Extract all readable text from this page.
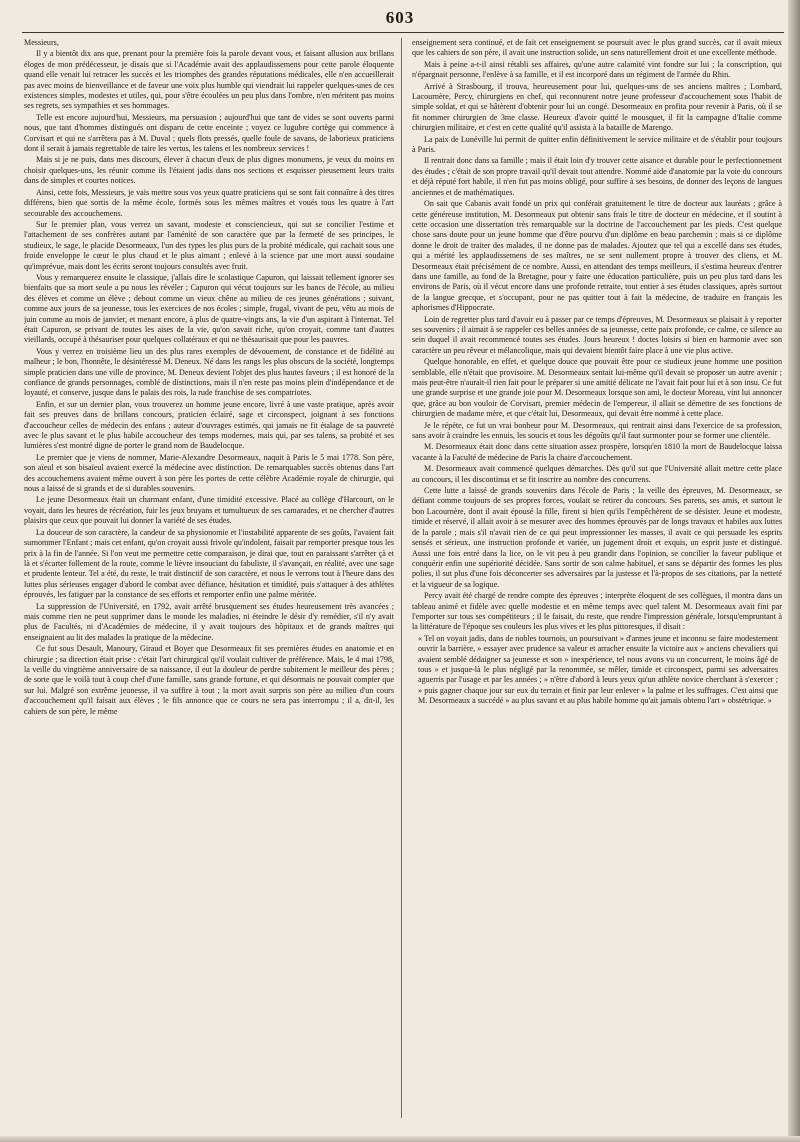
603

Messieurs,

Il y a bientôt dix ans que, prenant pour la première fois la parole devant vous, et faisant allusion aux brillans éloges de mon prédécesseur, je disais que si l'Académie avait des applaudissemens pour cette parole éloquente quand elle venait lui retracer les succès et les triomphes des grandes réputations médicales, elle n'en accueillerait pas avec moins de bienveillance et de faveur une voix plus humble qui viendrait lui rappeler quelques-unes de ces existences simples, modestes et utiles, qui, pour s'être écoulées un peu plus dans l'ombre, n'en méritent pas moins ses regrets, ses sympathies et ses hommages.

Telle est encore aujourd'hui, Messieurs, ma persuasion ; aujourd'hui que tant de vides se sont ouverts parmi nous, que tant d'hommes distingués ont disparu de cette enceinte ; voyez ce lugubre cortège qui commence à Corvisart et qui ne s'arrêtera pas à M. Duval ; quels flots pressés, quelle foule de savans, de laborieux praticiens dont il serait à jamais regrettable de taire les vertus, les talens et les nombreux services !

Mais si je ne puis, dans mes discours, élever à chacun d'eux de plus dignes monumens, je veux du moins en choisir quelques-uns, les réunir comme ils l'étaient jadis dans nos sections et esquisser pieusement leurs traits dans de simples et courtes notices.

Ainsi, cette fois, Messieurs, je vais mettre sous vos yeux quatre praticiens qui se sont fait connaître à des titres différens, bien que sortis de la même école, formés sous les mêmes maîtres et voués tous les quatre à l'art secourable des accouchemens.

Sur le premier plan, vous verrez un savant, modeste et consciencieux, qui sut se concilier l'estime et l'attachement de ses confrères autant par l'aménité de son caractère que par la fermeté de ses principes, le studieux, le sage, le placide Desormeaux, l'un des types les plus purs de la probité médicale, qui cachait sous une froide enveloppe le cœur le plus chaud et le plus aimant ; enlevé à la science par une mort aussi soudaine qu'imprévue, mais dont les écrits seront toujours consultés avec fruit.

Vous y remarquerez ensuite le classique, j'allais dire le scolastique Capuron, qui laissait tellement ignorer ses bienfaits que sa mort seule a pu nous les révéler ; Capuron qui vécut toujours sur les bancs de l'école, au milieu des élèves et comme un élève ; debout comme un vieux chêne au milieu de ces jeunes générations ; suivant, comme aux jours de sa jeunesse, tous les exercices de nos écoles ; simple, frugal, vivant de peu, vêtu au mois de juin comme au mois de janvier, et menant encore, à plus de quatre-vingts ans, la vie d'un aspirant à l'internat. Tel était Capuron, se privant de toutes les aises de la vie, qu'on savait riche, qu'on croyait, comme tant d'autres vieillards, occupé à thésauriser pour quelques collatéraux et qui ne thésaurisait que pour les pauvres.

Vous y verrez en troisième lieu un des plus rares exemples de dévouement, de constance et de fidélité au malheur ; le bon, l'honnête, le désintéressé M. Deneux. Né dans les rangs les plus obscurs de la société, longtemps simple praticien dans une ville de province, M. Deneux devient l'objet des plus hautes faveurs ; il est honoré de la confiance de grands personnages, comblé de distinctions, mais il n'en reste pas moins plein d'indépendance et de loyauté, et conserve, jusque dans le palais des rois, la rude franchise de ses compatriotes.

Enfin, et sur un dernier plan, vous trouverez un homme jeune encore, livré à une vaste pratique, après avoir fait ses preuves dans de brillans concours, praticien éclairé, sage et circonspect, joignant à ses fonctions d'accoucheur celles de médecin des enfans ; auteur d'ouvrages estimés, qui jamais ne fit étalage de sa pauvreté avec le plus savant et le plus habile accoucheur des temps modernes, mais qui, par ses talens, sa probité et ses lumières s'est montré digne de porter le grand nom de Baudelocque.

Le premier que je viens de nommer, Marie-Alexandre Desormeaux, naquit à Paris le 5 mai 1778. Son père, son aïeul et son bisaïeul avaient exercé la médecine avec distinction. De remarquables succès obtenus dans l'art des accouchemens avaient même ouvert à son père les portes de cette célèbre Académie royale de chirurgie, qui nous a laissé de si grands et de si durables souvenirs.

Le jeune Desormeaux était un charmant enfant, d'une timidité excessive. Placé au collège d'Harcourt, on le voyait, dans les heures de récréation, fuir les jeux bruyans et tumultueux de ses camarades, et ne chercher d'autres plaisirs que ceux que pouvait lui donner la variété de ses études.

La douceur de son caractère, la candeur de sa physionomie et l'instabilité apparente de ses goûts, l'avaient fait surnommer l'Enfant ; mais cet enfant, qu'on croyait aussi frivole qu'indolent, faisait par remporter presque tous les prix à la fin de l'année. Si l'on veut me permettre cette comparaison, je dirai que, tout en paraissant s'arrêter çà et là et s'écarter follement de la route, comme le lièvre insouciant du fabuliste, il s'avançait, en réalité, avec une sage et prudente lenteur. Tel a été, du reste, le trait distinctif de son caractère, et nous le verrons tout à l'heure dans des luttes plus sérieuses engager d'abord le combat avec défiance, hésitation et timidité, puis s'attaquer à des athlètes éprouvés, les fatiguer par la constance de ses efforts et remporter enfin une palme méritée.

La suppression de l'Université, en 1792, avait arrêté brusquement ses études heureusement très avancées ; mais comme rien ne peut supprimer dans le monde les maladies, ni éteindre le désir d'y remédier, s'il n'y avait plus de Facultés, ni d'Académies de médecine, il y avait toujours des hôpitaux et de grands maîtres qui enseignaient au lit des malades la pratique de la médecine.

Ce fut sous Desault, Manoury, Giraud et Boyer que Desormeaux fit ses premières études en anatomie et en chirurgie ; sa direction était prise : c'était l'art chirurgical qu'il voulait cultiver de préférence. Mais, le 4 mai 1798, la veille du vingtième anniversaire de sa naissance, il eut la douleur de perdre subitement le meilleur des pères ; de sorte que le voilà tout à coup chef d'une famille, sans grande fortune, et qui désormais ne pouvait compter que sur lui. Malgré son extrême jeunesse, il va suffire à tout ; la mort avait surpris son père au milieu d'un cours d'accouchement qu'il faisait aux élèves ; le fils annonce que ce cours ne sera pas interrompu ; il a, dit-il, les cahiers de son père, le même

enseignement sera continué, et de fait cet enseignement se poursuit avec le plus grand succès, car il avait mieux que les cahiers de son père, il avait une instruction solide, un sens naturellement droit et une excellente méthode.

Mais à peine a-t-il ainsi rétabli ses affaires, qu'une autre calamité vint fondre sur lui ; la conscription, qui n'épargnait personne, l'enlève à sa famille, et il est incorporé dans un régiment de l'armée du Rhin.

Arrivé à Strasbourg, il trouva, heureusement pour lui, quelques-uns de ses anciens maîtres ; Lombard, Lacournère, Percy, chirurgiens en chef, qui reconnurent notre jeune professeur d'accouchement sous l'habit de simple soldat, et qui se hâtèrent d'obtenir pour lui un congé. Desormeaux en profita pour revenir à Paris, où il se fit nommer chirurgien de 3me classe. Heureux d'avoir quitté le mousquet, il fit la campagne d'Italie comme chirurgien militaire, et c'est en cette qualité qu'il assista à la bataille de Marengo.

La paix de Lunéville lui permit de quitter enfin définitivement le service militaire et de s'établir pour toujours à Paris.

Il rentrait donc dans sa famille ; mais il était loin d'y trouver cette aisance et durable pour le perfectionnement des études ; c'était de son propre travail qu'il devait tout attendre. Nommé aide d'anatomie par la voie du concours et déjà réputé fort habile, il n'en fut pas moins obligé, pour suffire à ses besoins, de donner des leçons de langues anciennes et de mathématiques.

On sait que Cabanis avait fondé un prix qui conférait gratuitement le titre de docteur aux lauréats ; grâce à cette généreuse institution, M. Desormeaux put obtenir sans frais le titre de docteur en médecine, et il soutint à cette occasion une dissertation très remarquable sur la doctrine de l'accouchement par les pieds. C'est quelque chose sans doute pour un jeune homme que d'être pourvu d'un diplôme en beau parchemin ; mais si ce diplôme donne le droit de traiter des malades, il ne donne pas de malades. Ajoutez que tel qui a excellé dans ses études, qui a mérité les applaudissemens de ses maîtres, ne se sent nullement propre à trouver des cliens, et M. Desormeaux était précisément de ce nombre. Aussi, en attendant des temps meilleurs, il s'estima heureux d'entrer dans une famille, au fond de la Bretagne, pour y faire une éducation particulière, puis un peu plus tard dans les environs de Paris, où il vécut encore dans une profonde retraite, tout entier à ses études classiques, après surtout de la langue grecque, et s'occupant, pour ne pas quitter tout à fait la médecine, de traduire en français les aphorismes d'Hippocrate.

Loin de regretter plus tard d'avoir eu à passer par ce temps d'épreuves, M. Desormeaux se plaisait à y reporter ses souvenirs ; il aimait à se rappeler ces belles années de sa jeunesse, cette paix profonde, ce calme, ce silence au sein duquel il avait recommencé toutes ses études. Jours heureux ! doctes loisirs si bien en harmonie avec son caractère un peu rêveur et mélancolique, mais qui devaient bientôt faire place à une vie plus active.

Quelque honorable, en effet, et quelque douce que pouvait être pour ce studieux jeune homme une position semblable, elle n'était que provisoire. M. Desormeaux sentait lui-même qu'il devait se proposer un autre avenir ; mais peut-être n'aurait-il rien fait pour le préparer si une amitié délicate ne l'avait fait pour lui et à son insu. Ce fut une grande surprise et une grande joie pour M. Desormeaux lorsque son ami, le docteur Moreau, vint lui annoncer que, grâce au bon vouloir de Corvisart, premier médecin de l'empereur, il allait se démettre de ses fonctions de chirurgien de madame mère, et que c'était lui, Desormeaux, qui devait être nommé à cette place.

Je le répète, ce fut un vrai bonheur pour M. Desormeaux, qui rentrait ainsi dans l'exercice de sa profession, sans avoir à craindre les ennuis, les soucis et tous les dégoûts qu'il faut surmonter pour se former une clientèle.

M. Desormeaux était donc dans cette situation assez prospère, lorsqu'en 1810 la mort de Baudelocque laissa vacante à la Faculté de médecine de Paris la chaire d'accouchement.

M. Desormeaux avait commencé quelques démarches. Dès qu'il sut que l'Université allait mettre cette place au concours, il les discontinua et se fit inscrire au nombre des concurrens.

Cette lutte a laissé de grands souvenirs dans l'école de Paris ; la veille des épreuves, M. Desormeaux, se défiant comme toujours de ses propres forces, voulait se retirer du concours. Ses parens, ses amis, et surtout le bon Lacournère, dont il avait épousé la fille, firent si bien qu'ils l'empêchèrent de se désister. Jeune et modeste, timide et réservé, il allait avoir à se mesurer avec des hommes éprouvés par de longs travaux et habiles aux luttes de la parole ; mais s'il n'avait rien de ce qui peut impressionner les masses, il avait ce qui persuade les esprits sensés et sérieux, une instruction profonde et variée, un jugement droit et exquis, un esprit juste et distingué. Aussi une fois entré dans la lice, on le vit peu à peu grandir dans l'opinion, se concilier la faveur publique et conquérir enfin une supériorité décidée. Sans sortir de son calme habituel, et sans se départir des formes les plus polies, il sut plus d'une fois déconcerter ses adversaires par la justesse et l'à-propos de ses citations, par la netteté et la vigueur de sa logique.

Percy avait été chargé de rendre compte des épreuves ; interprète éloquent de ses collègues, il montra dans un tableau animé et fidèle avec quelle modestie et en même temps avec quel talent M. Desormeaux avait fini par l'emporter sur tous ses compétiteurs ; il le faisait, du reste, que rendre l'impression générale, lorsqu'empruntant à la littérature de l'époque ses couleurs les plus vives et les plus pittoresques, il disait :

« Tel on voyait jadis, dans de nobles tournois, un poursuivant » d'armes jeune et inconnu se faire modestement ouvrir la barrière, » essayer avec prudence sa valeur et arracher ensuite la victoire aux » anciens chevaliers qui avaient semblé dédaigner sa jeunesse et son » inexpérience, tel nous avons vu un concurrent, le moins âgé de tous » et jusque-là le plus négligé par la renommée, se mêler, timide et circonspect, parmi ses adversaires aguerris par l'usage et par les années ; » n'être d'abord à leurs yeux qu'un athlète novice cherchant à s'exercer ; » puis gagner chaque jour sur eux du terrain et finir par leur enlever » la palme et les suffrages. C'est ainsi que M. Desormeaux a succédé » au plus savant et au plus habile homme qu'ait jamais obtenu l'art » obstétrique. »
